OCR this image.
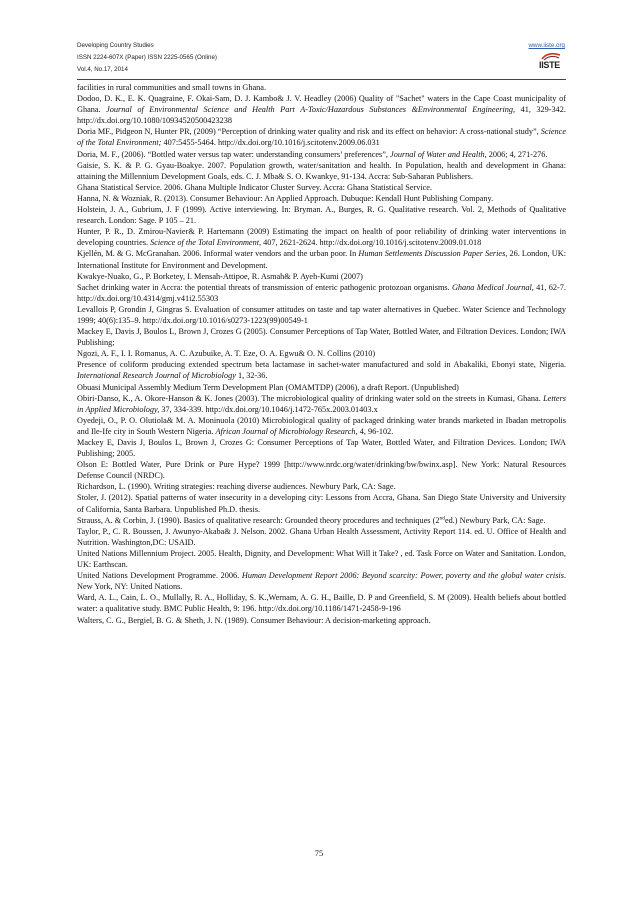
Developing Country Studies
ISSN 2224-607X (Paper) ISSN 2225-0565 (Online)
Vol.4, No.17, 2014
www.iiste.org
IISTE

facilities in rural communities and small towns in Ghana.

Dodoo, D. K., E. K. Quagraine, F. Okai-Sam, D. J. Kambo& J. V. Headley (2006) Quality of "Sachet" waters in the Cape Coast municipality of Ghana. Journal of Environmental Science and Health Part A-Toxic/Hazardous Substances &Environmental Engineering, 41, 329-342. http://dx.doi.org/10.1080/10934520500423238

Doria MF., Pidgeon N, Hunter PR, (2009) “Perception of drinking water quality and risk and its effect on behavior: A cross-national study”, Science of the Total Environment; 407:5455-5464. http://dx.doi.org/10.1016/j.scitotenv.2009.06.031

Doria, M. F., (2006). “Bottled water versus tap water: understanding consumers’ preferences”, Journal of Water and Health, 2006; 4, 271-276.

Gaisie, S. K. & P. G. Gyau-Boakye. 2007. Population growth, water/sanitation and health. In Population, health and development in Ghana: attaining the Millennium Development Goals, eds. C. J. Mba& S. O. Kwankye, 91-134. Accra: Sub-Saharan Publishers.

Ghana Statistical Service. 2006. Ghana Multiple Indicator Cluster Survey. Accra: Ghana Statistical Service.

Hanna, N. & Wozniak, R. (2013). Consumer Behaviour: An Applied Approach. Dubuque: Kendall Hunt Publishing Company.

Holstein, J. A., Gubrium, J. F (1999). Active interviewing. In: Bryman. A., Burges, R. G. Qualitative research. Vol. 2, Methods of Qualitative research. London: Sage. P 105 – 21.

Hunter, P. R., D. Zmirou-Navier& P. Hartemann (2009) Estimating the impact on health of poor reliability of drinking water interventions in developing countries. Science of the Total Environment, 407, 2621-2624. http://dx.doi.org/10.1016/j.scitotenv.2009.01.018

Kjellén, M. & G. McGranahan. 2006. Informal water vendors and the urban poor. In Human Settlements Discussion Paper Series, 26. London, UK: International Institute for Environment and Development.

Kwakye-Nuako, G., P. Borketey, I. Mensah-Attipoe, R. Asmah& P. Ayeh-Kumi (2007)

Sachet drinking water in Accra: the potential threats of transmission of enteric pathogenic protozoan organisms. Ghana Medical Journal, 41, 62-7. http://dx.doi.org/10.4314/gmj.v41i2.55303

Levallois P, Grondin J, Gingras S. Evaluation of consumer attitudes on taste and tap water alternatives in Quebec. Water Science and Technology 1999; 40(6):135–9. http://dx.doi.org/10.1016/s0273-1223(99)00549-1

Mackey E, Davis J, Boulos L, Brown J, Crozes G (2005). Consumer Perceptions of Tap Water, Bottled Water, and Filtration Devices. London; IWA Publishing;

Ngozi, A. F., I. I. Romanus, A. C. Azubuike, A. T. Eze, O. A. Egwu& O. N. Collins (2010)

Presence of coliform producing extended spectrum beta lactamase in sachet-water manufactured and sold in Abakaliki, Ebonyi state, Nigeria. International Research Journal of Microbiology 1, 32-36.

Obuasi Municipal Assembly Medium Term Development Plan (OMAMTDP) (2006), a draft Report. (Unpublished)

Obiri-Danso, K., A. Okore-Hanson & K. Jones (2003). The microbiological quality of drinking water sold on the streets in Kumasi, Ghana. Letters in Applied Microbiology, 37, 334-339. http://dx.doi.org/10.1046/j.1472-765x.2003.01403.x

Oyedeji, O., P. O. Olutiola& M. A. Moninuola (2010) Microbiological quality of packaged drinking water brands marketed in Ibadan metropolis and Ile-Ife city in South Western Nigeria. African Journal of Microbiology Research, 4, 96-102.

Mackey E, Davis J, Boulos L, Brown J, Crozes G: Consumer Perceptions of Tap Water, Bottled Water, and Filtration Devices. London; IWA Publishing; 2005.

Olson E: Bottled Water, Pure Drink or Pure Hype? 1999 [http://www.nrdc.org/water/drinking/bw/bwinx.asp]. New York: Natural Resources Defense Council (NRDC).

Richardson, L. (1990). Writing strategies: reaching diverse audiences. Newbury Park, CA: Sage.

Stoler, J. (2012). Spatial patterns of water insecurity in a developing city: Lessons from Accra, Ghana. San Diego State University and University of California, Santa Barbara. Unpublished Ph.D. thesis.

Strauss, A. & Corbin, J. (1990). Basics of qualitative research: Grounded theory procedures and techniques (2nded.) Newbury Park, CA: Sage.

Taylor, P., C. R. Boussen, J. Awunyo-Akaba& J. Nelson. 2002. Ghana Urban Health Assessment, Activity Report 114. ed. U. Office of Health and Nutrition. Washington,DC: USAID.

United Nations Millennium Project. 2005. Health, Dignity, and Development: What Will it Take? , ed. Task Force on Water and Sanitation. London, UK: Earthscan.

United Nations Development Programme. 2006. Human Development Report 2006: Beyond scarcity: Power, poverty and the global water crisis. New York, NY: United Nations.

Ward, A. L., Cain, L. O., Mullally, R. A., Holliday, S. K.,Wernam, A. G. H., Baille, D. P and Greenfield, S. M (2009). Health beliefs about bottled water: a qualitative study. BMC Public Health, 9: 196. http://dx.doi.org/10.1186/1471-2458-9-196

Walters, C. G., Bergiel, B. G. & Sheth, J. N. (1989). Consumer Behaviour: A decision-marketing approach.

75
